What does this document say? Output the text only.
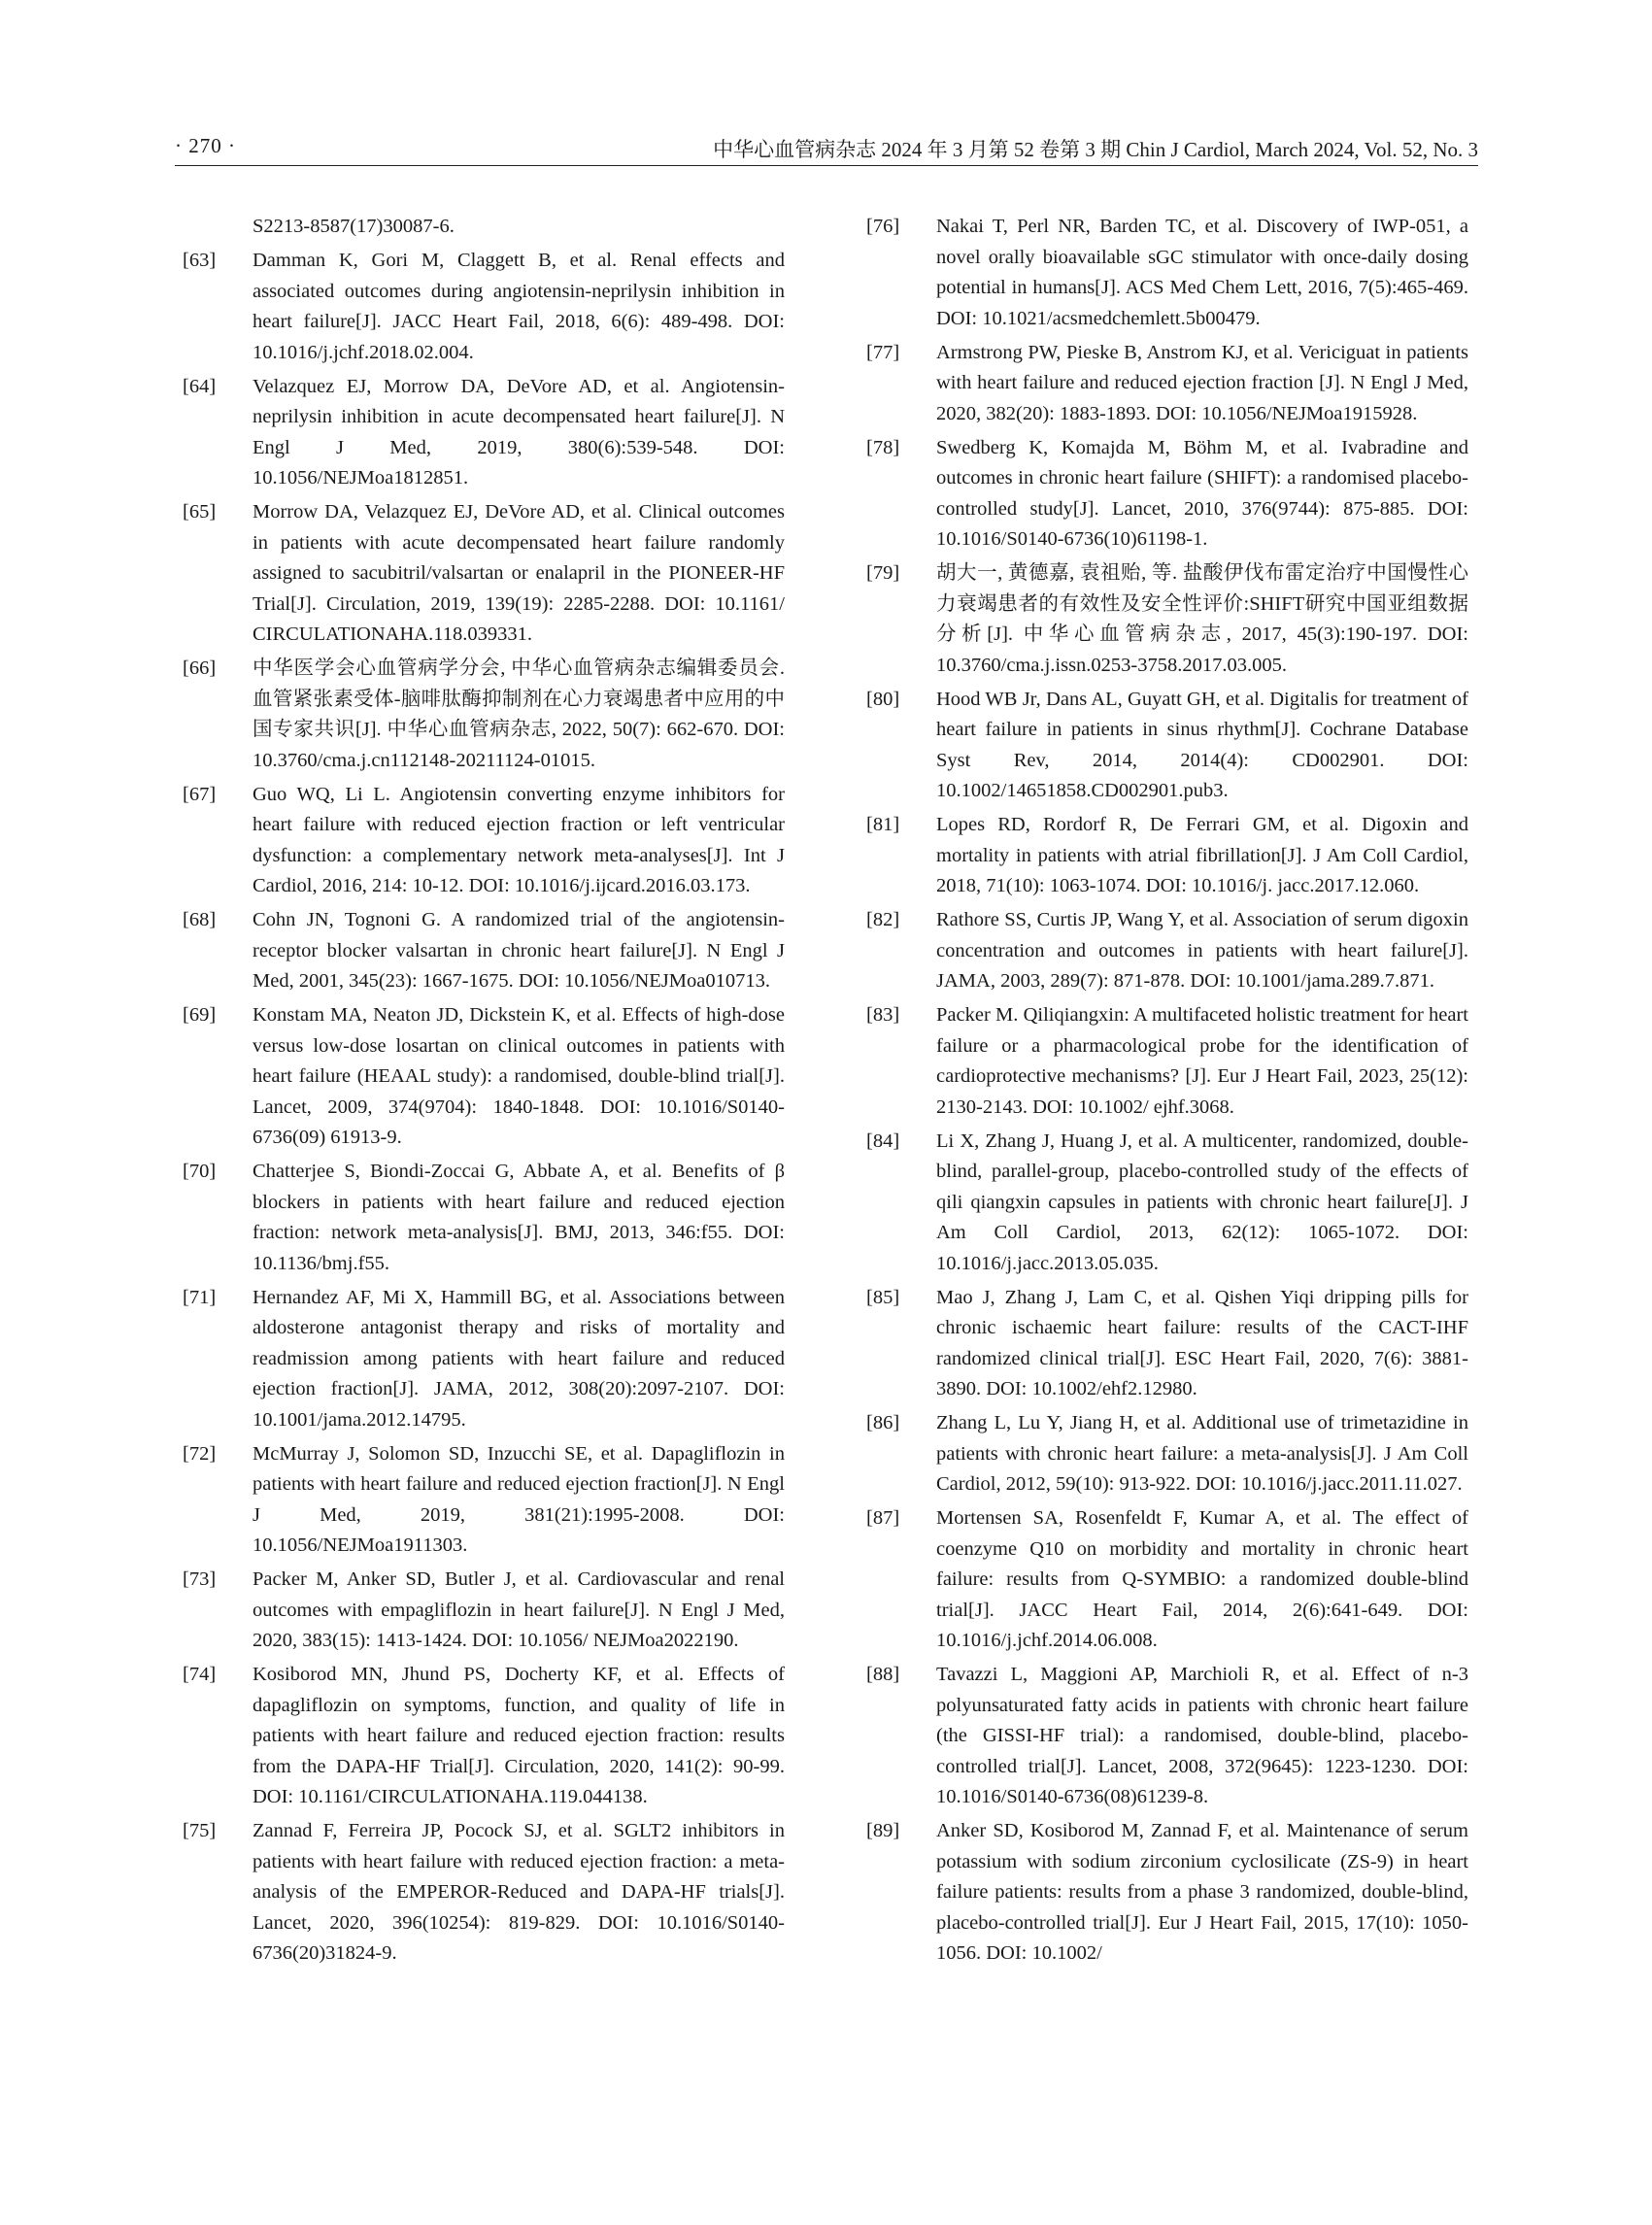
· 270 ·	中华心血管病杂志 2024 年 3 月第 52 卷第 3 期 Chin J Cardiol, March 2024, Vol. 52, No. 3
S2213-8587(17)30087-6.
[63] Damman K, Gori M, Claggett B, et al. Renal effects and associated outcomes during angiotensin-neprilysin inhibition in heart failure[J]. JACC Heart Fail, 2018, 6(6): 489-498. DOI: 10.1016/j.jchf.2018.02.004.
[64] Velazquez EJ, Morrow DA, DeVore AD, et al. Angiotensin-neprilysin inhibition in acute decompensated heart failure[J]. N Engl J Med, 2019, 380(6):539-548. DOI: 10.1056/NEJMoa1812851.
[65] Morrow DA, Velazquez EJ, DeVore AD, et al. Clinical outcomes in patients with acute decompensated heart failure randomly assigned to sacubitril/valsartan or enalapril in the PIONEER-HF Trial[J]. Circulation, 2019, 139(19): 2285-2288. DOI: 10.1161/ CIRCULATIONAHA.118.039331.
[66] 中华医学会心血管病学分会, 中华心血管病杂志编辑委员会. 血管紧张素受体-脑啡肽酶抑制剂在心力衰竭患者中应用的中国专家共识[J]. 中华心血管病杂志, 2022, 50(7): 662-670. DOI: 10.3760/cma.j.cn112148-20211124-01015.
[67] Guo WQ, Li L. Angiotensin converting enzyme inhibitors for heart failure with reduced ejection fraction or left ventricular dysfunction: a complementary network meta-analyses[J]. Int J Cardiol, 2016, 214: 10-12. DOI: 10.1016/j.ijcard.2016.03.173.
[68] Cohn JN, Tognoni G. A randomized trial of the angiotensin-receptor blocker valsartan in chronic heart failure[J]. N Engl J Med, 2001, 345(23): 1667-1675. DOI: 10.1056/NEJMoa010713.
[69] Konstam MA, Neaton JD, Dickstein K, et al. Effects of high-dose versus low-dose losartan on clinical outcomes in patients with heart failure (HEAAL study): a randomised, double-blind trial[J]. Lancet, 2009, 374(9704): 1840-1848. DOI: 10.1016/S0140-6736(09) 61913-9.
[70] Chatterjee S, Biondi-Zoccai G, Abbate A, et al. Benefits of β blockers in patients with heart failure and reduced ejection fraction: network meta-analysis[J]. BMJ, 2013, 346:f55. DOI: 10.1136/bmj.f55.
[71] Hernandez AF, Mi X, Hammill BG, et al. Associations between aldosterone antagonist therapy and risks of mortality and readmission among patients with heart failure and reduced ejection fraction[J]. JAMA, 2012, 308(20):2097-2107. DOI: 10.1001/jama.2012.14795.
[72] McMurray J, Solomon SD, Inzucchi SE, et al. Dapagliflozin in patients with heart failure and reduced ejection fraction[J]. N Engl J Med, 2019, 381(21):1995-2008. DOI: 10.1056/NEJMoa1911303.
[73] Packer M, Anker SD, Butler J, et al. Cardiovascular and renal outcomes with empagliflozin in heart failure[J]. N Engl J Med, 2020, 383(15): 1413-1424. DOI: 10.1056/ NEJMoa2022190.
[74] Kosiborod MN, Jhund PS, Docherty KF, et al. Effects of dapagliflozin on symptoms, function, and quality of life in patients with heart failure and reduced ejection fraction: results from the DAPA-HF Trial[J]. Circulation, 2020, 141(2): 90-99. DOI: 10.1161/CIRCULATIONAHA.119.044138.
[75] Zannad F, Ferreira JP, Pocock SJ, et al. SGLT2 inhibitors in patients with heart failure with reduced ejection fraction: a meta-analysis of the EMPEROR-Reduced and DAPA-HF trials[J]. Lancet, 2020, 396(10254): 819-829. DOI: 10.1016/S0140-6736(20)31824-9.
[76] Nakai T, Perl NR, Barden TC, et al. Discovery of IWP-051, a novel orally bioavailable sGC stimulator with once-daily dosing potential in humans[J]. ACS Med Chem Lett, 2016, 7(5):465-469. DOI: 10.1021/acsmedchemlett.5b00479.
[77] Armstrong PW, Pieske B, Anstrom KJ, et al. Vericiguat in patients with heart failure and reduced ejection fraction [J]. N Engl J Med, 2020, 382(20): 1883-1893. DOI: 10.1056/NEJMoa1915928.
[78] Swedberg K, Komajda M, Böhm M, et al. Ivabradine and outcomes in chronic heart failure (SHIFT): a randomised placebo-controlled study[J]. Lancet, 2010, 376(9744): 875-885. DOI: 10.1016/S0140-6736(10)61198-1.
[79] 胡大一, 黄德嘉, 袁祖贻, 等. 盐酸伊伐布雷定治疗中国慢性心力衰竭患者的有效性及安全性评价:SHIFT研究中国亚组数据分析[J]. 中华心血管病杂志, 2017, 45(3):190-197. DOI: 10.3760/cma.j.issn.0253-3758.2017.03.005.
[80] Hood WB Jr, Dans AL, Guyatt GH, et al. Digitalis for treatment of heart failure in patients in sinus rhythm[J]. Cochrane Database Syst Rev, 2014, 2014(4): CD002901. DOI: 10.1002/14651858.CD002901.pub3.
[81] Lopes RD, Rordorf R, De Ferrari GM, et al. Digoxin and mortality in patients with atrial fibrillation[J]. J Am Coll Cardiol, 2018, 71(10): 1063-1074. DOI: 10.1016/j. jacc.2017.12.060.
[82] Rathore SS, Curtis JP, Wang Y, et al. Association of serum digoxin concentration and outcomes in patients with heart failure[J]. JAMA, 2003, 289(7): 871-878. DOI: 10.1001/jama.289.7.871.
[83] Packer M. Qiliqiangxin: A multifaceted holistic treatment for heart failure or a pharmacological probe for the identification of cardioprotective mechanisms? [J]. Eur J Heart Fail, 2023, 25(12): 2130-2143. DOI: 10.1002/ ejhf.3068.
[84] Li X, Zhang J, Huang J, et al. A multicenter, randomized, double-blind, parallel-group, placebo-controlled study of the effects of qili qiangxin capsules in patients with chronic heart failure[J]. J Am Coll Cardiol, 2013, 62(12): 1065-1072. DOI: 10.1016/j.jacc.2013.05.035.
[85] Mao J, Zhang J, Lam C, et al. Qishen Yiqi dripping pills for chronic ischaemic heart failure: results of the CACT-IHF randomized clinical trial[J]. ESC Heart Fail, 2020, 7(6): 3881-3890. DOI: 10.1002/ehf2.12980.
[86] Zhang L, Lu Y, Jiang H, et al. Additional use of trimetazidine in patients with chronic heart failure: a meta-analysis[J]. J Am Coll Cardiol, 2012, 59(10): 913-922. DOI: 10.1016/j.jacc.2011.11.027.
[87] Mortensen SA, Rosenfeldt F, Kumar A, et al. The effect of coenzyme Q10 on morbidity and mortality in chronic heart failure: results from Q-SYMBIO: a randomized double-blind trial[J]. JACC Heart Fail, 2014, 2(6):641-649. DOI: 10.1016/j.jchf.2014.06.008.
[88] Tavazzi L, Maggioni AP, Marchioli R, et al. Effect of n-3 polyunsaturated fatty acids in patients with chronic heart failure (the GISSI-HF trial): a randomised, double-blind, placebo-controlled trial[J]. Lancet, 2008, 372(9645): 1223-1230. DOI: 10.1016/S0140-6736(08)61239-8.
[89] Anker SD, Kosiborod M, Zannad F, et al. Maintenance of serum potassium with sodium zirconium cyclosilicate (ZS-9) in heart failure patients: results from a phase 3 randomized, double-blind, placebo-controlled trial[J]. Eur J Heart Fail, 2015, 17(10): 1050-1056. DOI: 10.1002/
